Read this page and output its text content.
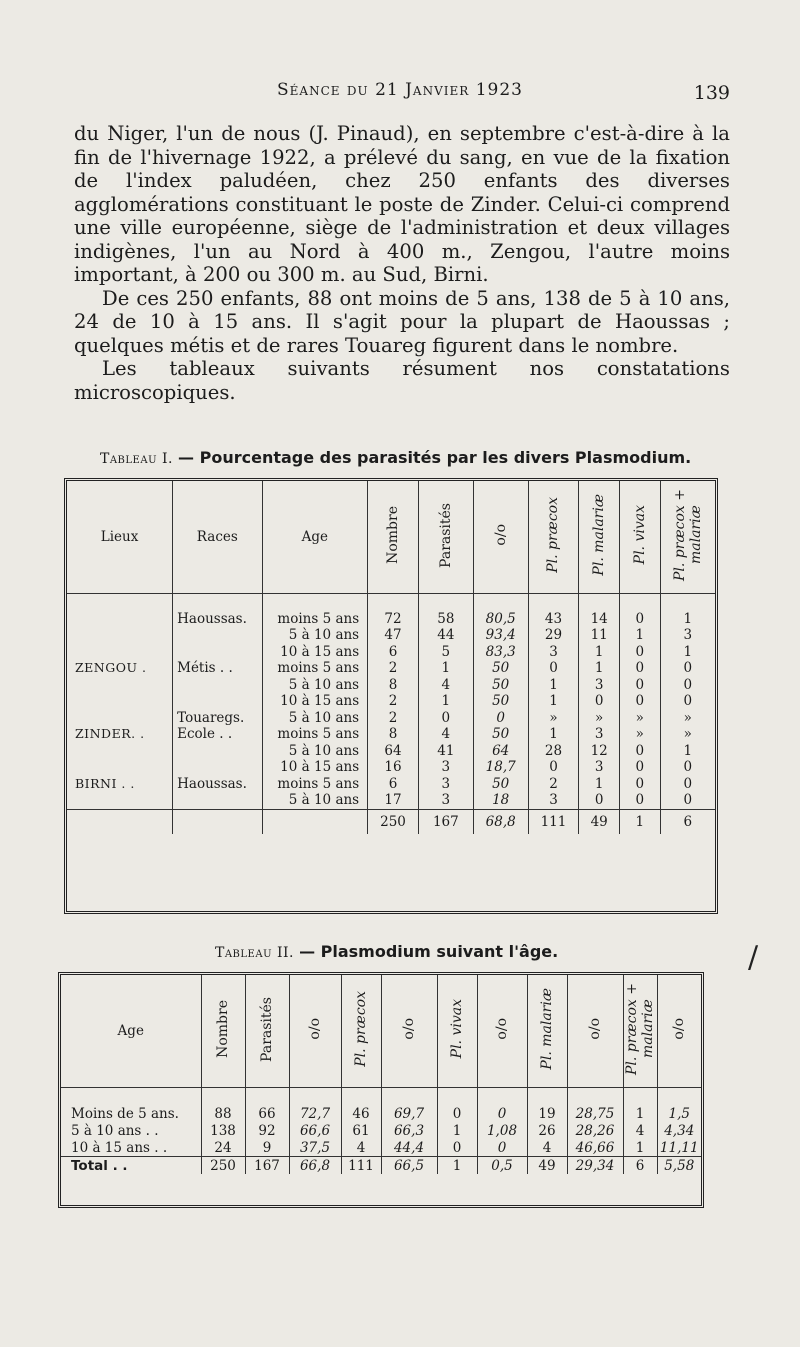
Séance du 21 Janvier 1923	139

du Niger, l'un de nous (J. Pinaud), en septembre c'est-à-dire à la fin de l'hivernage 1922, a prélevé du sang, en vue de la fixation de l'index paludéen, chez 250 enfants des diverses agglomérations constituant le poste de Zinder. Celui-ci comprend une ville européenne, siège de l'administration et deux villages indigènes, l'un au Nord à 400 m., Zengou, l'autre moins important, à 200 ou 300 m. au Sud, Birni.

De ces 250 enfants, 88 ont moins de 5 ans, 138 de 5 à 10 ans, 24 de 10 à 15 ans. Il s'agit pour la plupart de Haoussas ; quelques métis et de rares Touareg figurent dans le nombre.

Les tableaux suivants résument nos constatations microscopiques.

Tableau I. — Pourcentage des parasités par les divers Plasmodium.
Lieux	Races	Age	Nombre	Parasités	o/o	Pl. præcox	Pl. malariæ	Pl. vivax	Pl. præcox + malariæ

	Haoussas.	moins 5 ans	72	58	80,5	43	14	0	1
		5 à 10 ans	47	44	93,4	29	11	1	3
		10 à 15 ans	6	5	83,3	3	1	0	1
ZENGOU .	Métis . .	moins 5 ans	2	1	50	0	1	0	0
		5 à 10 ans	8	4	50	1	3	0	0
		10 à 15 ans	2	1	50	1	0	0	0
	Touaregs.	5 à 10 ans	2	0	0	»	»	»	»
ZINDER. .	Ecole . .	moins 5 ans	8	4	50	1	3	»	»
		5 à 10 ans	64	41	64	28	12	0	1
		10 à 15 ans	16	3	18,7	0	3	0	0
BIRNI . .	Haoussas.	moins 5 ans	6	3	50	2	1	0	0
		5 à 10 ans	17	3	18	3	0	0	0
			250	167	68,8	111	49	1	6
Tableau II. — Plasmodium suivant l'âge.
Age	Nombre	Parasités	o/o	Pl. præcox	o/o	Pl. vivax	o/o	Pl. malariæ	o/o	Pl. præcox + malariæ	o/o

Moins de 5 ans.	88	66	72,7	46	69,7	0	0	19	28,75	1	1,5
5 à 10 ans . .	138	92	66,6	61	66,3	1	1,08	26	28,26	4	4,34
10 à 15 ans . .	24	9	37,5	4	44,4	0	0	4	46,66	1	11,11
Total . .	250	167	66,8	111	66,5	1	0,5	49	29,34	6	5,58
/
